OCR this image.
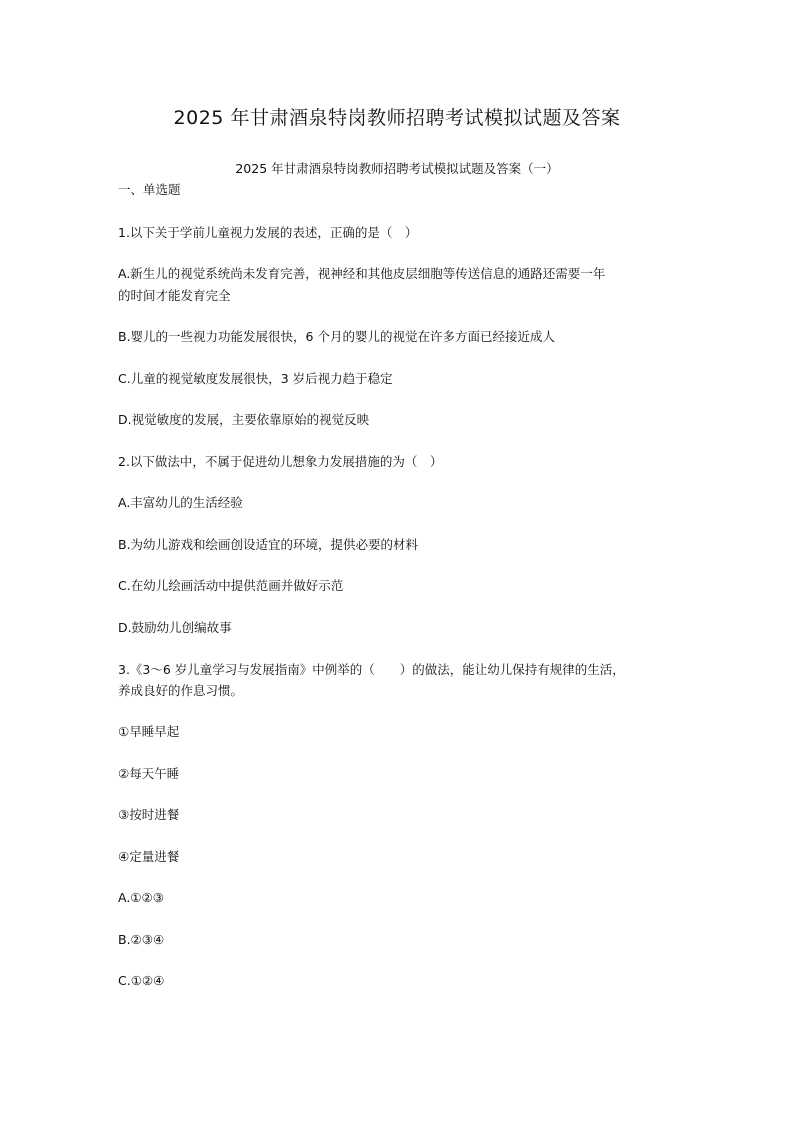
2025 年甘肃酒泉特岗教师招聘考试模拟试题及答案
2025 年甘肃酒泉特岗教师招聘考试模拟试题及答案（一）
一、单选题
1.以下关于学前儿童视力发展的表述，正确的是（　）
A.新生儿的视觉系统尚未发育完善，视神经和其他皮层细胞等传送信息的通路还需要一年
的时间才能发育完全
B.婴儿的一些视力功能发展很快，6 个月的婴儿的视觉在许多方面已经接近成人
C.儿童的视觉敏度发展很快，3 岁后视力趋于稳定
D.视觉敏度的发展，主要依靠原始的视觉反映
2.以下做法中，不属于促进幼儿想象力发展措施的为（　）
A.丰富幼儿的生活经验
B.为幼儿游戏和绘画创设适宜的环境，提供必要的材料
C.在幼儿绘画活动中提供范画并做好示范
D.鼓励幼儿创编故事
3.《3～6 岁儿童学习与发展指南》中例举的（　　）的做法，能让幼儿保持有规律的生活，
养成良好的作息习惯。
①早睡早起
②每天午睡
③按时进餐
④定量进餐
A.①②③
B.②③④
C.①②④
